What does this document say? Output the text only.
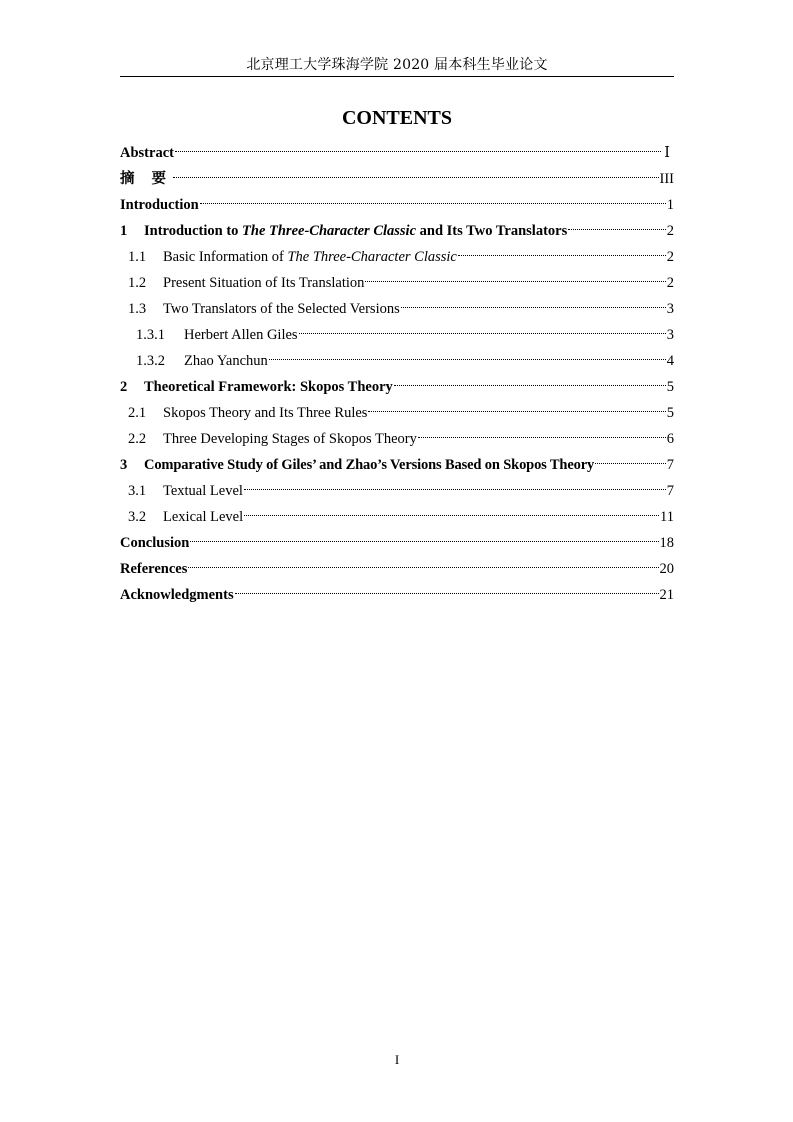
北京理工大学珠海学院 2020 届本科生毕业论文
CONTENTS
Abstract	Ⅰ
摘 要	III
Introduction	1
1	Introduction to The Three-Character Classic and Its Two Translators	2
1.1	Basic Information of The Three-Character Classic	2
1.2	Present Situation of Its Translation	2
1.3	Two Translators of the Selected Versions	3
1.3.1	Herbert Allen Giles	3
1.3.2	Zhao Yanchun	4
2	Theoretical Framework: Skopos Theory	5
2.1	Skopos Theory and Its Three Rules	5
2.2	Three Developing Stages of Skopos Theory	6
3	Comparative Study of Giles’ and Zhao’s Versions Based on Skopos Theory	7
3.1	Textual Level	7
3.2	Lexical Level	11
Conclusion	18
References	20
Acknowledgments	21
I
